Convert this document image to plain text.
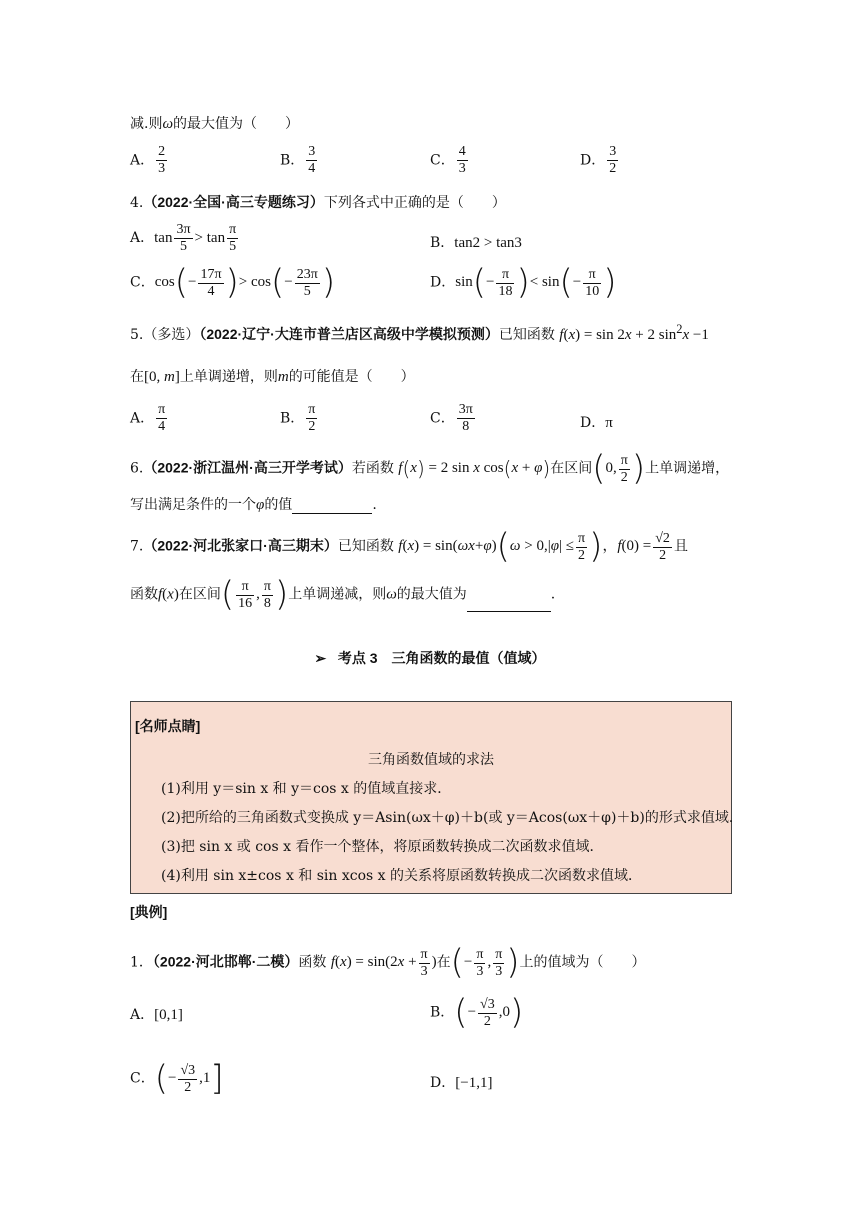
减.则ω的最大值为（　　）
A． $\frac{2}{3}$	B． $\frac{3}{4}$	C． $\frac{4}{3}$	D． $\frac{3}{2}$
4.（2022·全国·高三专题练习）下列各式中正确的是（　　）
A．$\tan \frac{3\pi}{5} > \tan \frac{\pi}{5}$	B．tan2 > tan3
C．$\cos(- \frac{17\pi}{4}$ )> $\cos(- \frac{23\pi}{5}$ )	D．$\sin(- \frac{\pi}{18}$ )< $\sin(- \frac{\pi}{10}$ )
5.（多选）（2022·辽宁·大连市普兰店区高级中学模拟预测）已知函数 f(x) = sin 2x + 2 $\sin^2x -1$
在[0, m]上单调递增，则m的可能值是（　　）
A． $\frac{\pi}{4}$	B． $\frac{\pi}{2}$	C． $\frac{3\pi}{8}$	D．π
6.（2022·浙江温州·高三开学考试）若函数 f(x) = 2 sin x cos(x + φ)在区间(0, $\frac{\pi}{2}$ )上单调递增，
写出满足条件的一个φ的值	.
7.（2022·河北张家口·高三期末）已知函数 $f(x) = \sin(\omega x+\varphi)(\omega > 0,|\varphi| \le \frac{\pi}{2}$ )，$f(0) = \frac{√2}{2}$ 且
函数f(x)在区间( $\frac{\pi}{16}$ , $\frac{\pi}{8}$ )上单调递减，则ω的最大值为	.
➢ 考点 3　三角函数的最值（值域）
[名师点睛]
三角函数值域的求法
(1)利用 y＝sin x 和 y＝cos x 的值域直接求．
(2)把所给的三角函数式变换成 y＝Asin(ωx＋φ)＋b(或 y＝Acos(ωx＋φ)＋b)的形式求值域．
(3)把 sin x 或 cos x 看作一个整体，将原函数转换成二次函数求值域．
(4)利用 sin x±cos x 和 sin xcos x 的关系将原函数转换成二次函数求值域．
[典例]
1．（2022·河北邯郸·二模）函数 $f(x) = \sin(2x + \frac{\pi}{3}$ )在(− $\frac{\pi}{3}$ , $\frac{\pi}{3}$ )上的值域为（　　）
A．[0,1]	B．(− $\frac{√3}{2} ,0$)
C．(− $\frac{√3}{2} ,1$]	D．[−1,1]
